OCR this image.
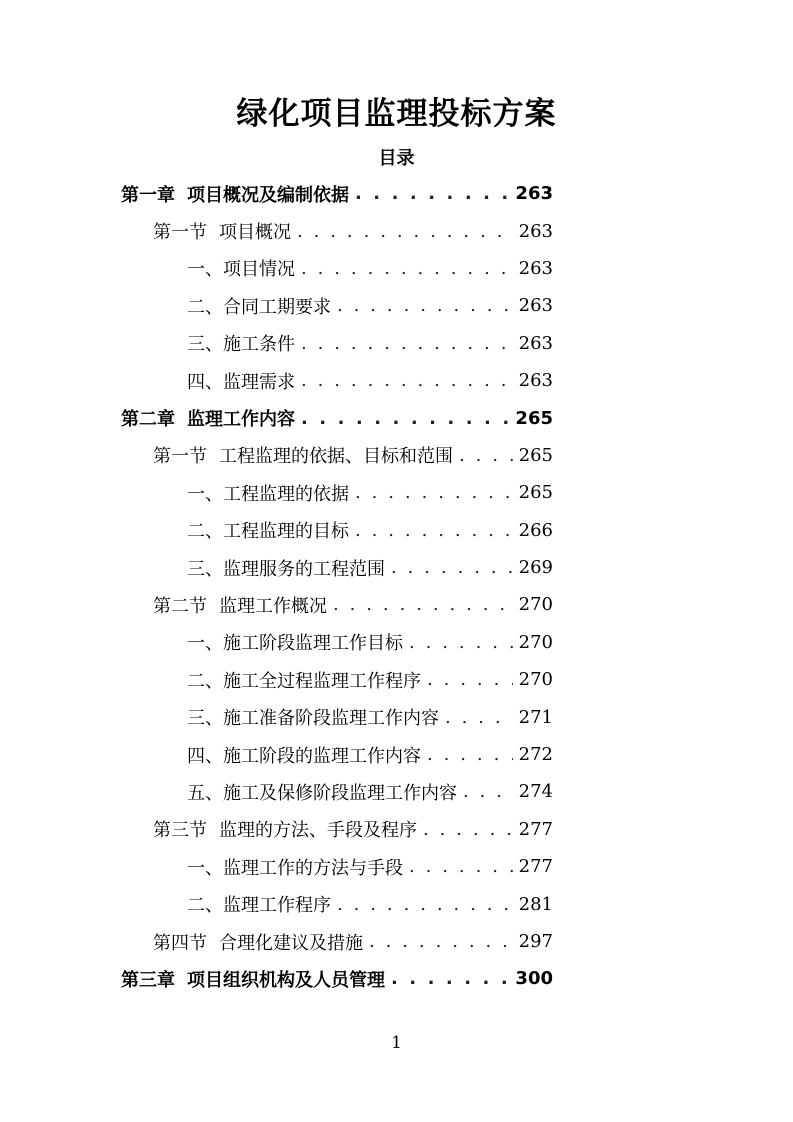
绿化项目监理投标方案
目录
第一章 项目概况及编制依据 . . .	263
第一节 项目概况 . . .	263
一、项目情况 . . .	263
二、合同工期要求 . . .	263
三、施工条件 . . .	263
四、监理需求 . . .	263
第二章 监理工作内容 . . .	265
第一节 工程监理的依据、目标和范围 . . .	265
一、工程监理的依据 . . .	265
二、工程监理的目标 . . .	266
三、监理服务的工程范围 . . .	269
第二节 监理工作概况 . . .	270
一、施工阶段监理工作目标 . . .	270
二、施工全过程监理工作程序 . . .	270
三、施工准备阶段监理工作内容 . . .	271
四、施工阶段的监理工作内容 . . .	272
五、施工及保修阶段监理工作内容 . . .	274
第三节 监理的方法、手段及程序 . . .	277
一、监理工作的方法与手段 . . .	277
二、监理工作程序 . . .	281
第四节 合理化建议及措施 . . .	297
第三章 项目组织机构及人员管理 . . .	300
1
